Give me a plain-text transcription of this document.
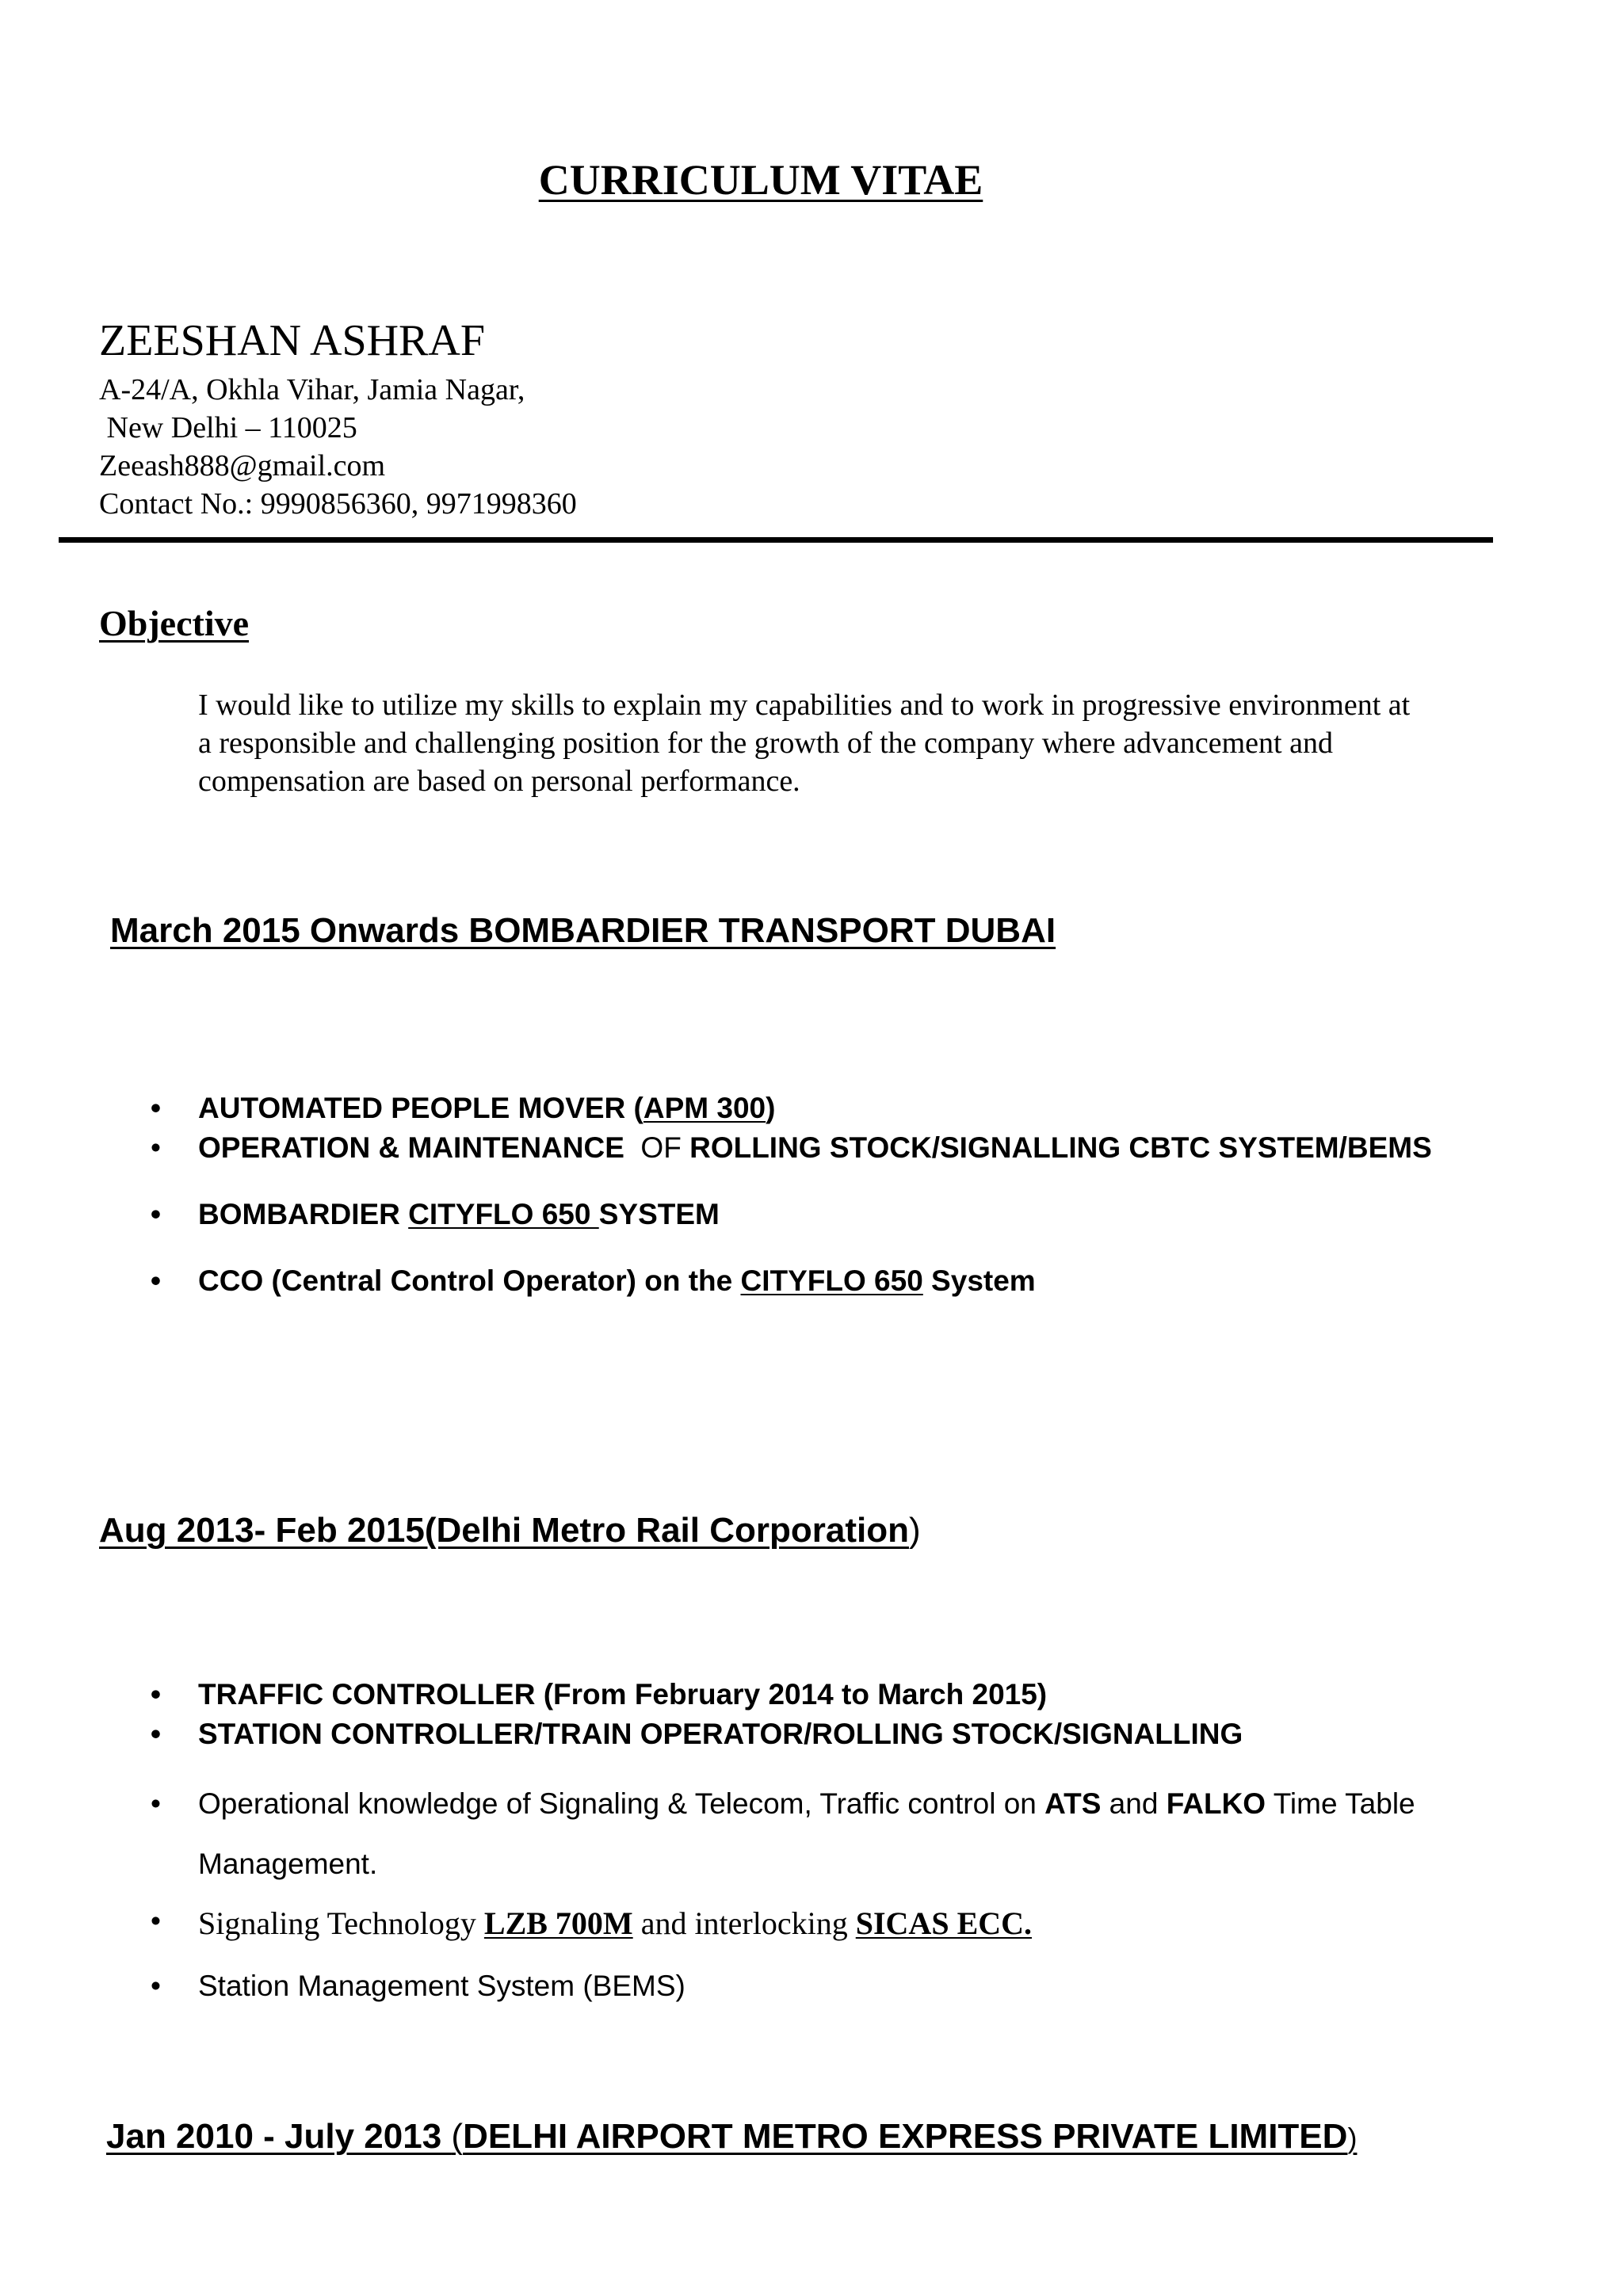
CURRICULUM VITAE
ZEESHAN ASHRAF
A-24/A, Okhla Vihar, Jamia Nagar,
New Delhi – 110025
Zeeash888@gmail.com
Contact No.: 9990856360, 9971998360
Objective
I would like to utilize my skills to explain my capabilities and to work in progressive environment at
a responsible and challenging position for the growth of the company where advancement and
compensation are based on personal performance.
March 2015 Onwards BOMBARDIER TRANSPORT DUBAI
• AUTOMATED PEOPLE MOVER (APM 300)
• OPERATION & MAINTENANCE  OF ROLLING STOCK/SIGNALLING CBTC SYSTEM/BEMS
• BOMBARDIER CITYFLO 650 SYSTEM
• CCO (Central Control Operator) on the CITYFLO 650 System
Aug 2013- Feb 2015(Delhi Metro Rail Corporation)
• TRAFFIC CONTROLLER (From February 2014 to March 2015)
• STATION CONTROLLER/TRAIN OPERATOR/ROLLING STOCK/SIGNALLING
• Operational knowledge of Signaling & Telecom, Traffic control on ATS and FALKO Time Table
Management.
• Signaling Technology LZB 700M and interlocking SICAS ECC.
• Station Management System (BEMS)
Jan 2010 - July 2013 (DELHI AIRPORT METRO EXPRESS PRIVATE LIMITED)
